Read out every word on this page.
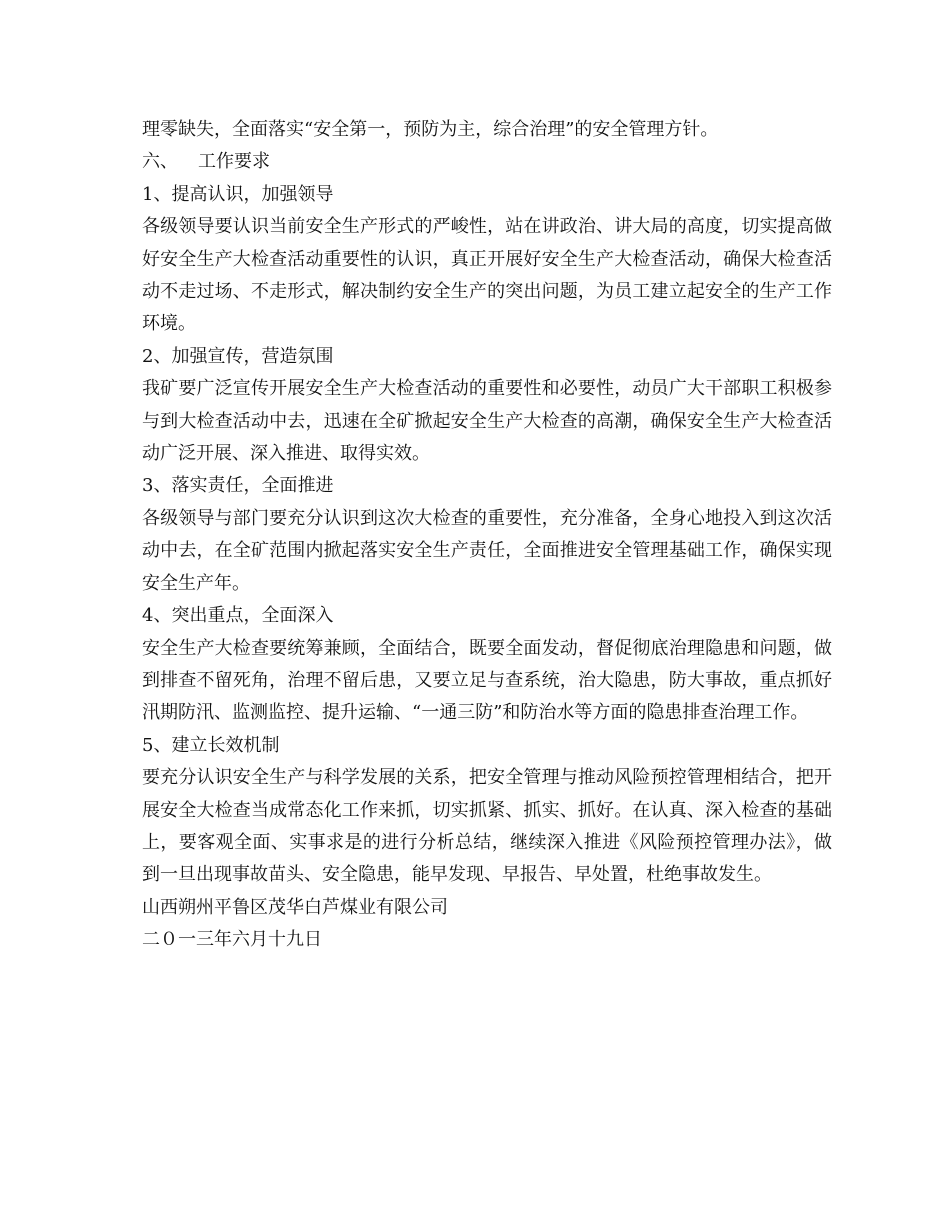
理零缺失，全面落实“安全第一，预防为主，综合治理”的安全管理方针。

六、 工作要求

1、提高认识，加强领导

各级领导要认识当前安全生产形式的严峻性，站在讲政治、讲大局的高度，切实提高做好安全生产大检查活动重要性的认识，真正开展好安全生产大检查活动，确保大检查活动不走过场、不走形式，解决制约安全生产的突出问题，为员工建立起安全的生产工作环境。

2、加强宣传，营造氛围

我矿要广泛宣传开展安全生产大检查活动的重要性和必要性，动员广大干部职工积极参与到大检查活动中去，迅速在全矿掀起安全生产大检查的高潮，确保安全生产大检查活动广泛开展、深入推进、取得实效。

3、落实责任，全面推进

各级领导与部门要充分认识到这次大检查的重要性，充分准备，全身心地投入到这次活动中去，在全矿范围内掀起落实安全生产责任，全面推进安全管理基础工作，确保实现安全生产年。

4、突出重点，全面深入

安全生产大检查要统筹兼顾，全面结合，既要全面发动，督促彻底治理隐患和问题，做到排查不留死角，治理不留后患，又要立足与查系统，治大隐患，防大事故，重点抓好汛期防汛、监测监控、提升运输、“一通三防”和防治水等方面的隐患排查治理工作。

5、建立长效机制

要充分认识安全生产与科学发展的关系，把安全管理与推动风险预控管理相结合，把开展安全大检查当成常态化工作来抓，切实抓紧、抓实、抓好。在认真、深入检查的基础上，要客观全面、实事求是的进行分析总结，继续深入推进《风险预控管理办法》，做到一旦出现事故苗头、安全隐患，能早发现、早报告、早处置，杜绝事故发生。

山西朔州平鲁区茂华白芦煤业有限公司

二０一三年六月十九日
